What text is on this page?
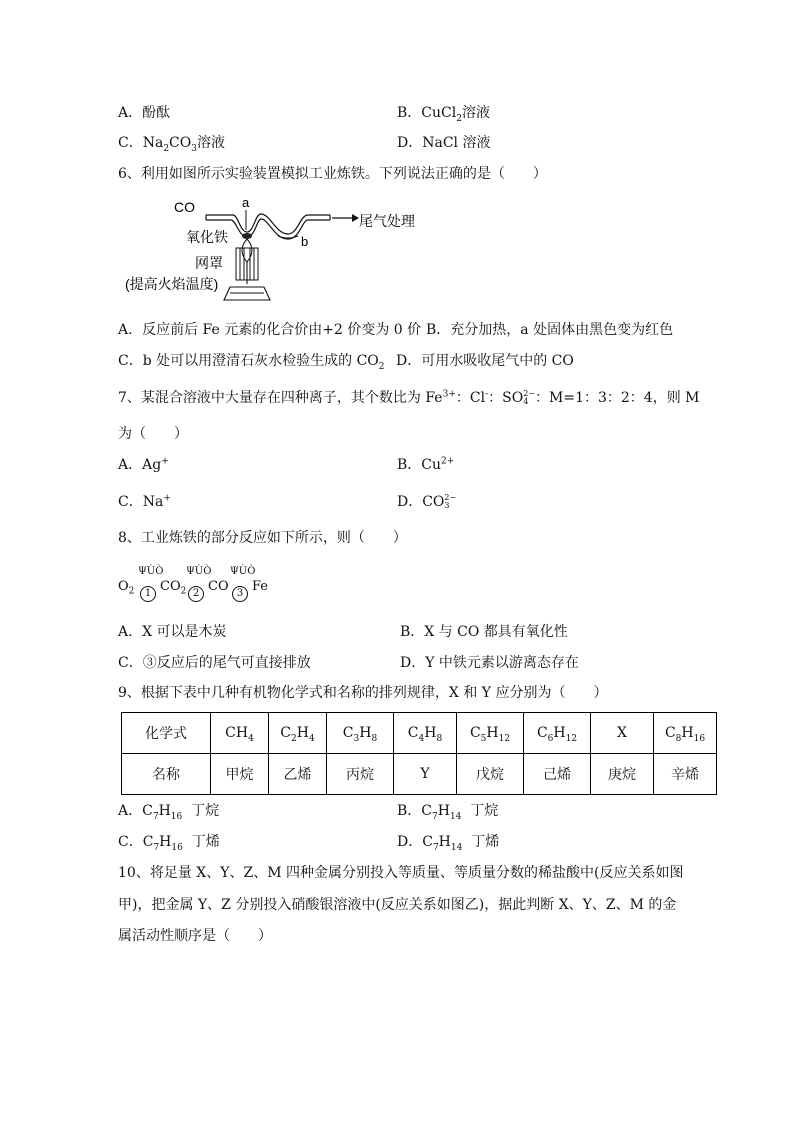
A．酚酞	B．CuCl$_2$溶液
C．$Na_2CO_3$溶液	D．NaCl 溶液
6、利用如图所示实验装置模拟工业炼铁。下列说法正确的是（　　）
CO	a
b
氧化铁
尾气处理
网罩
(提高火焰温度)
A．反应前后 Fe 元素的化合价由+2 价变为 0 价 B．充分加热，a 处固体由黑色变为红色
C．b 处可以用澄清石灰水检验生成的 $CO_2$ D．可用水吸收尾气中的 CO
7、某混合溶液中大量存在四种离子，其个数比为 $Fe^{3+}$：Cl-：SO 2−
4 ：M=1：3：2：4，则 M
为（　　）
A．Ag+	B．$Cu^{2+}$
C．Na+	D．CO 2−
3
8、工业炼铁的部分反应如下所示，则（　　）
$O_2$
ΨÙÒ
1 $CO_2$
ΨÙÒ
2 CO
ΨÙÒ
3 Fe
A．X 可以是木炭	B．X 与 CO 都具有氧化性
C．③反应后的尾气可直接排放	D．Y 中铁元素以游离态存在
9、根据下表中几种有机物化学式和名称的排列规律，X 和 Y 应分别为（　　）
化学式	$CH_4$	$C_2H_4$	$C_3H_8$	$C_4H_8$	$C_5H_{12}$	$C_6H_{12}$	X	$C_8H_{16}$
名称	甲烷	乙烯	丙烷	Y	戊烷	己烯	庚烷	辛烯
A．$C_7H_{16}$ 丁烷	B．$C_7H_{14}$ 丁烷
C．$C_7H_{16}$ 丁烯	D．$C_7H_{14}$ 丁烯
10、将足量 X、Y、Z、M 四种金属分别投入等质量、等质量分数的稀盐酸中(反应关系如图
甲)，把金属 Y、Z 分别投入硝酸银溶液中(反应关系如图乙)，据此判断 X、Y、Z、M 的金
属活动性顺序是（　　）
